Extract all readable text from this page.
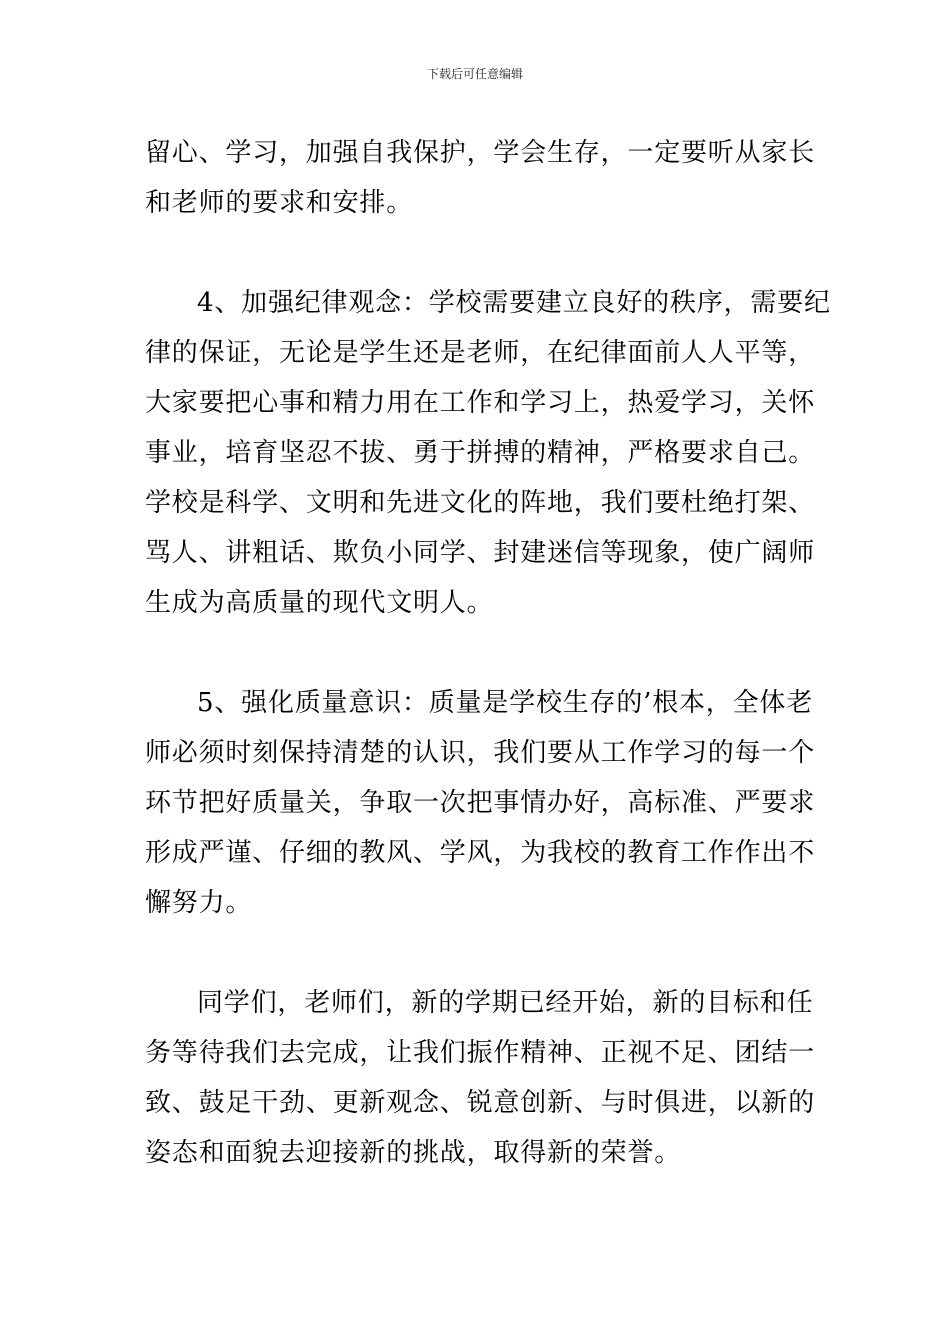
下载后可任意编辑

留心、学习，加强自我保护，学会生存，一定要听从家长
和老师的要求和安排。

4、加强纪律观念：学校需要建立良好的秩序，需要纪
律的保证，无论是学生还是老师，在纪律面前人人平等，
大家要把心事和精力用在工作和学习上，热爱学习，关怀
事业，培育坚忍不拔、勇于拼搏的精神，严格要求自己。
学校是科学、文明和先进文化的阵地，我们要杜绝打架、
骂人、讲粗话、欺负小同学、封建迷信等现象，使广阔师
生成为高质量的现代文明人。

5、强化质量意识：质量是学校生存的’根本，全体老
师必须时刻保持清楚的认识，我们要从工作学习的每一个
环节把好质量关，争取一次把事情办好，高标准、严要求
形成严谨、仔细的教风、学风，为我校的教育工作作出不
懈努力。

同学们，老师们，新的学期已经开始，新的目标和任
务等待我们去完成，让我们振作精神、正视不足、团结一
致、鼓足干劲、更新观念、锐意创新、与时俱进，以新的
姿态和面貌去迎接新的挑战，取得新的荣誉。
